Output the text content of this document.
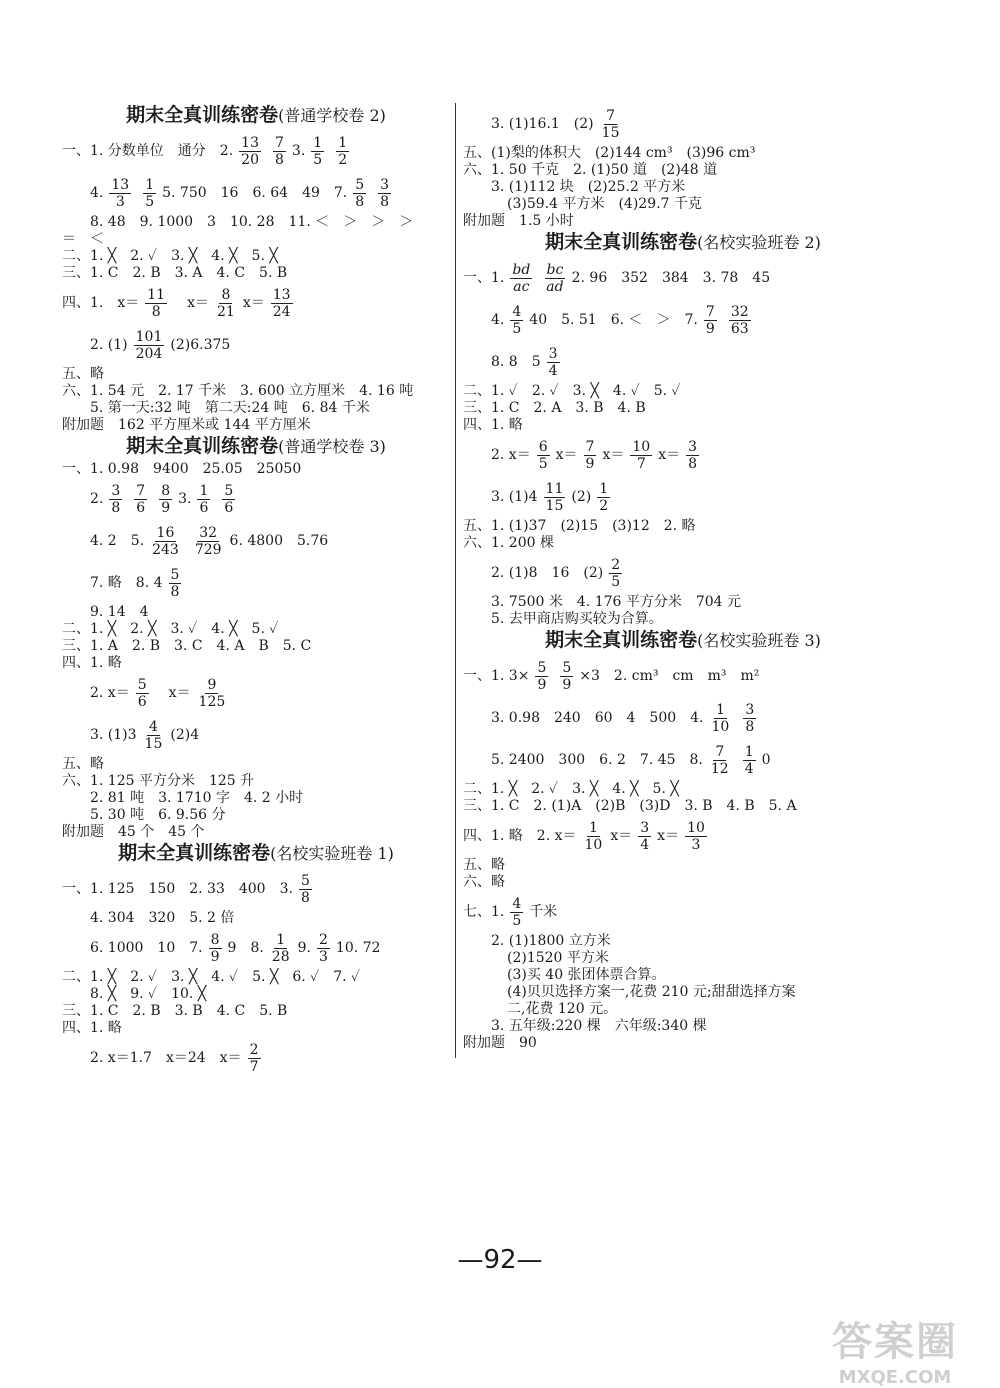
期末全真训练密卷(普通学校卷 2)
一、1. 分数单位　通分　2. $\frac{13}{20} \frac{7}{8} 3$. $\frac{1}{5} \frac{1}{2}$
4. $\frac{13}{3} \frac{1}{5} 5$. 750　16　6. 64　49　7. $\frac{5}{8} \frac{3}{8}$
8. 48　9. 1000　3　10. 28　11. ＜　＞　＞　＞
＝　＜
二、1. ╳　2. ✓　3. ╳　4. ╳　5. ╳
三、1. C　2. B　3. A　4. C　5. B
四、1. $x= \frac{11}{8} x= \frac{8}{21} x= \frac{13}{24}$
2. $(1) \frac{101}{204} (2)6.375$
五、略
六、1. 54 元　2. 17 千米　3. 600 立方厘米　4. 16 吨
5. 第一天:32 吨　第二天:24 吨　6. 84 千米
附加题　162 平方厘米或 144 平方厘米
期末全真训练密卷(普通学校卷 3)
一、1. 0.98　9400　25.05　25050
2. $\frac{3}{8} \frac{7}{6} \frac{8}{9} 3$. $\frac{1}{6} \frac{5}{6}$
4. 2　5. $\frac{16}{243} \frac{32}{729} 6$. 4800　5.76
7. 略　8. $4 \frac{5}{8}$
9. 14　4
二、1. ╳　2. ╳　3. ✓　4. ╳　5. ✓
三、1. A　2. B　3. C　4. A　B　5. C
四、1. 略
2. $x= \frac{5}{6} x= \frac{9}{125}$
3. $(1)3 \frac{4}{15} (2)4$
五、略
六、1. 125 平方分米　125 升
2. 81 吨　3. 1710 字　4. 2 小时
5. 30 吨　6. 9.56 分
附加题　45 个　45 个
期末全真训练密卷(名校实验班卷 1)
一、1. 125　150　2. 33　400　3. $\frac{5}{8}$
4. 304　320　5. 2 倍
6. 1000　10　7. $\frac{8}{9} 9$　8. $\frac{1}{28} 9$. $\frac{2}{3} 10$. 72
二、1. ╳　2. ✓　3. ╳　4. ✓　5. ╳　6. ✓　7. ✓
8. ╳　9. ✓　10. ╳
三、1. C　2. B　3. B　4. C　5. B
四、1. 略
2. x＝1.7　x＝24　$x= \frac{2}{7}$
3. (1)16.1　$(2) \frac{7}{15}$
五、(1)梨的体积大　(2)144 cm³　(3)96 cm³
六、1. 50 千克　2. (1)50 道　(2)48 道
3. (1)112 块　(2)25.2 平方米
(3)59.4 平方米　(4)29.7 千克
附加题　1.5 小时
期末全真训练密卷(名校实验班卷 2)
一、1. $\frac{bd}{ac} \frac{bc}{ad} 2$. 96　352　384　3. 78　45
4. $\frac{4}{5} 40$　5. 51　6. ＜　＞　7. $\frac{7}{9} \frac{32}{63}$
8. 8　$5 \frac{3}{4}$
二、1. ✓　2. ✓　3. ╳　4. ✓　5. ✓
三、1. C　2. A　3. B　4. B
四、1. 略
2. $x= \frac{6}{5} x= \frac{7}{9} x= \frac{10}{7} x= \frac{3}{8}$
3. $(1)4 \frac{11}{15} (2) \frac{1}{2}$
五、1. (1)37　(2)15　(3)12　2. 略
六、1. 200 棵
2. (1)8　16　$(2) \frac{2}{5}$
3. 7500 米　4. 176 平方分米　704 元
5. 去甲商店购买较为合算。
期末全真训练密卷(名校实验班卷 3)
一、1. $3\times \frac{5}{9} \frac{5}{9} \times 3$　2. cm³　cm　m³　m²
3. 0.98　240　60　4　500　4. $\frac{1}{10} \frac{3}{8}$
5. 2400　300　6. 2　7. 45　8. $\frac{7}{12} \frac{1}{4} 0$
二、1. ╳　2. ✓　3. ╳　4. ╳　5. ╳
三、1. C　2. (1)A　(2)B　(3)D　3. B　4. B　5. A
四、1. 略　2. $x= \frac{1}{10} x= \frac{3}{4} x= \frac{10}{3}$
五、略
六、略
七、1. $\frac{4}{5}$ 千米
2. (1)1800 立方米
(2)1520 平方米
(3)买 40 张团体票合算。
(4)贝贝选择方案一,花费 210 元;甜甜选择方案
二,花费 120 元。
3. 五年级:220 棵　六年级:340 棵
附加题　90
—92—
答案圈
MXQE.COM
